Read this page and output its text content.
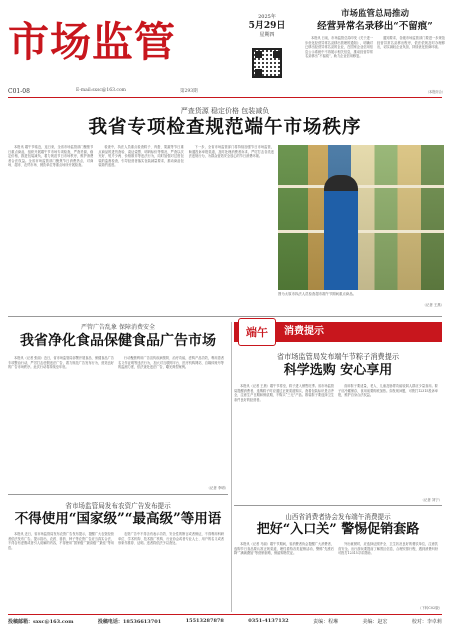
市场监管
2025年
5月29日
星期四
C01-08	E-mail:sxsc@163.com	第293期
市场监管总局推动
经营异常名录移出“不留痕”
本报讯 日前，市场监管总局印发《关于进一步优化经营异常名录移出管理的通知》，明确对已移出经营异常名录的企业，在国家企业信用信息公示系统中不再展示相关信息，推动经营异常名录移出“不留痕”，助力企业信用修复。
通知要求，各级市场监管部门要进一步规范经营异常名录移出程序，依法依规及时办理移出，切实减轻企业负担，持续优化营商环境。
（本报综合）
严查货源 稳定价格 包装减负
我省专项检查规范端午市场秩序
本报讯 端午节临近，连日来，全省市场监管部门聚焦节日重点商品，组织开展端午节市场专项检查，严查货源，稳定价格，推进包装减负，着力规范节日市场秩序，维护消费者合法权益。全省市场监管部门聚焦节日消费热点，对商场、超市、农贸市场、餐饮单位等重点场所开展检查。
检查中，执法人员重点检查粽子、肉蛋、果蔬等节日重点商品的进货查验、索证索票、明码标价等情况，严查以次充好、短斤少两、价格欺诈等违法行为，同时加强对过度包装的监督检查，引导经营者落实包装减量要求，推动商品包装简约适度。
下一步，全省市场监管部门将持续加强节日市场监管，畅通投诉举报渠道，及时处理消费者诉求，严厉打击各类违法违规行为，为群众营造安全放心的节日消费环境。
图为太原市执法人员检查超市端午节期间重点商品。
（记者 王燕）
严管广告乱象 保障消费安全
我省净化食品保健食品广告市场
本报讯（记者 张丽）近日，省市场监管局部署开展食品、保健食品广告专项整治行动，严厉打击虚假违法广告，着力规范广告发布行为，营造良好的广告市场秩序。此次行动将持续至年底。
行动聚焦利用广告宣传疾病预防、治疗功能，虚构产品功效，利用患者名义作证明等违法行为，加大对互联网平台、医疗机构网站、自媒体账号等的监测力度，依法查处违法广告，曝光典型案例。
（记者 李明）
端午	消费提示
省市场监管局发布端午节粽子消费提示
科学选购 安心享用
本报讯（记者 王晨）端午节将至，粽子进入销售旺季。省市场监管局提醒消费者，选购粽子时应通过正规渠道购买，查看包装标识是否齐全，注意生产日期和保质期，不购买“三无”产品。散装粽子要选择卫生条件良好的经营者。
食用粽子要适量，老人、儿童及肠胃功能较弱人群应少量食用。粽子应冷藏保存，食用前要彻底加热。如发现问题，可拨打12315投诉举报，维护自身合法权益。
（记者 刘宁）
省市场监管局发布农资广告发布提示
不得使用“国家级”“最高级”等用语
本报讯 近日，省市场监管局发布农资广告发布提示，提醒广大农资经营者依法发布广告。提示指出，农药、兽药、种子等农资广告应当真实合法，不得含有虚假或者引人误解的内容，不得使用“国家级”“最高级”“最佳”等用语。
农资广告中不得含有表示功效、安全性的断言或者保证，不得利用科研单位、学术机构、技术推广机构、行业协会或者专业人士、用户的名义或者形象作推荐、证明。违者将依法予以查处。
山西省消费者协会发布端午消费提示
把好“入口关” 警惕促销套路
本报讯（记者 马丽）端午节期间，省消费者协会提醒广大消费者，选购节日食品要认准正规渠道，理性看待各类促销活动，警惕“先涨后降”“满减叠加”等营销套路，保留购物凭证。
外出就餐时，应选择证照齐全、卫生状况良好的餐饮单位，注意饮食安全。出行游玩要提前了解景区信息，合理安排行程，遇到消费纠纷可拨打12315寻求帮助。
（下转C02版）
投稿邮箱：sxsc@163.com	投稿电话：18536613701	15513287878	0351-4137132	责编：程琳	美编：赵宏	校对：李卓莉
